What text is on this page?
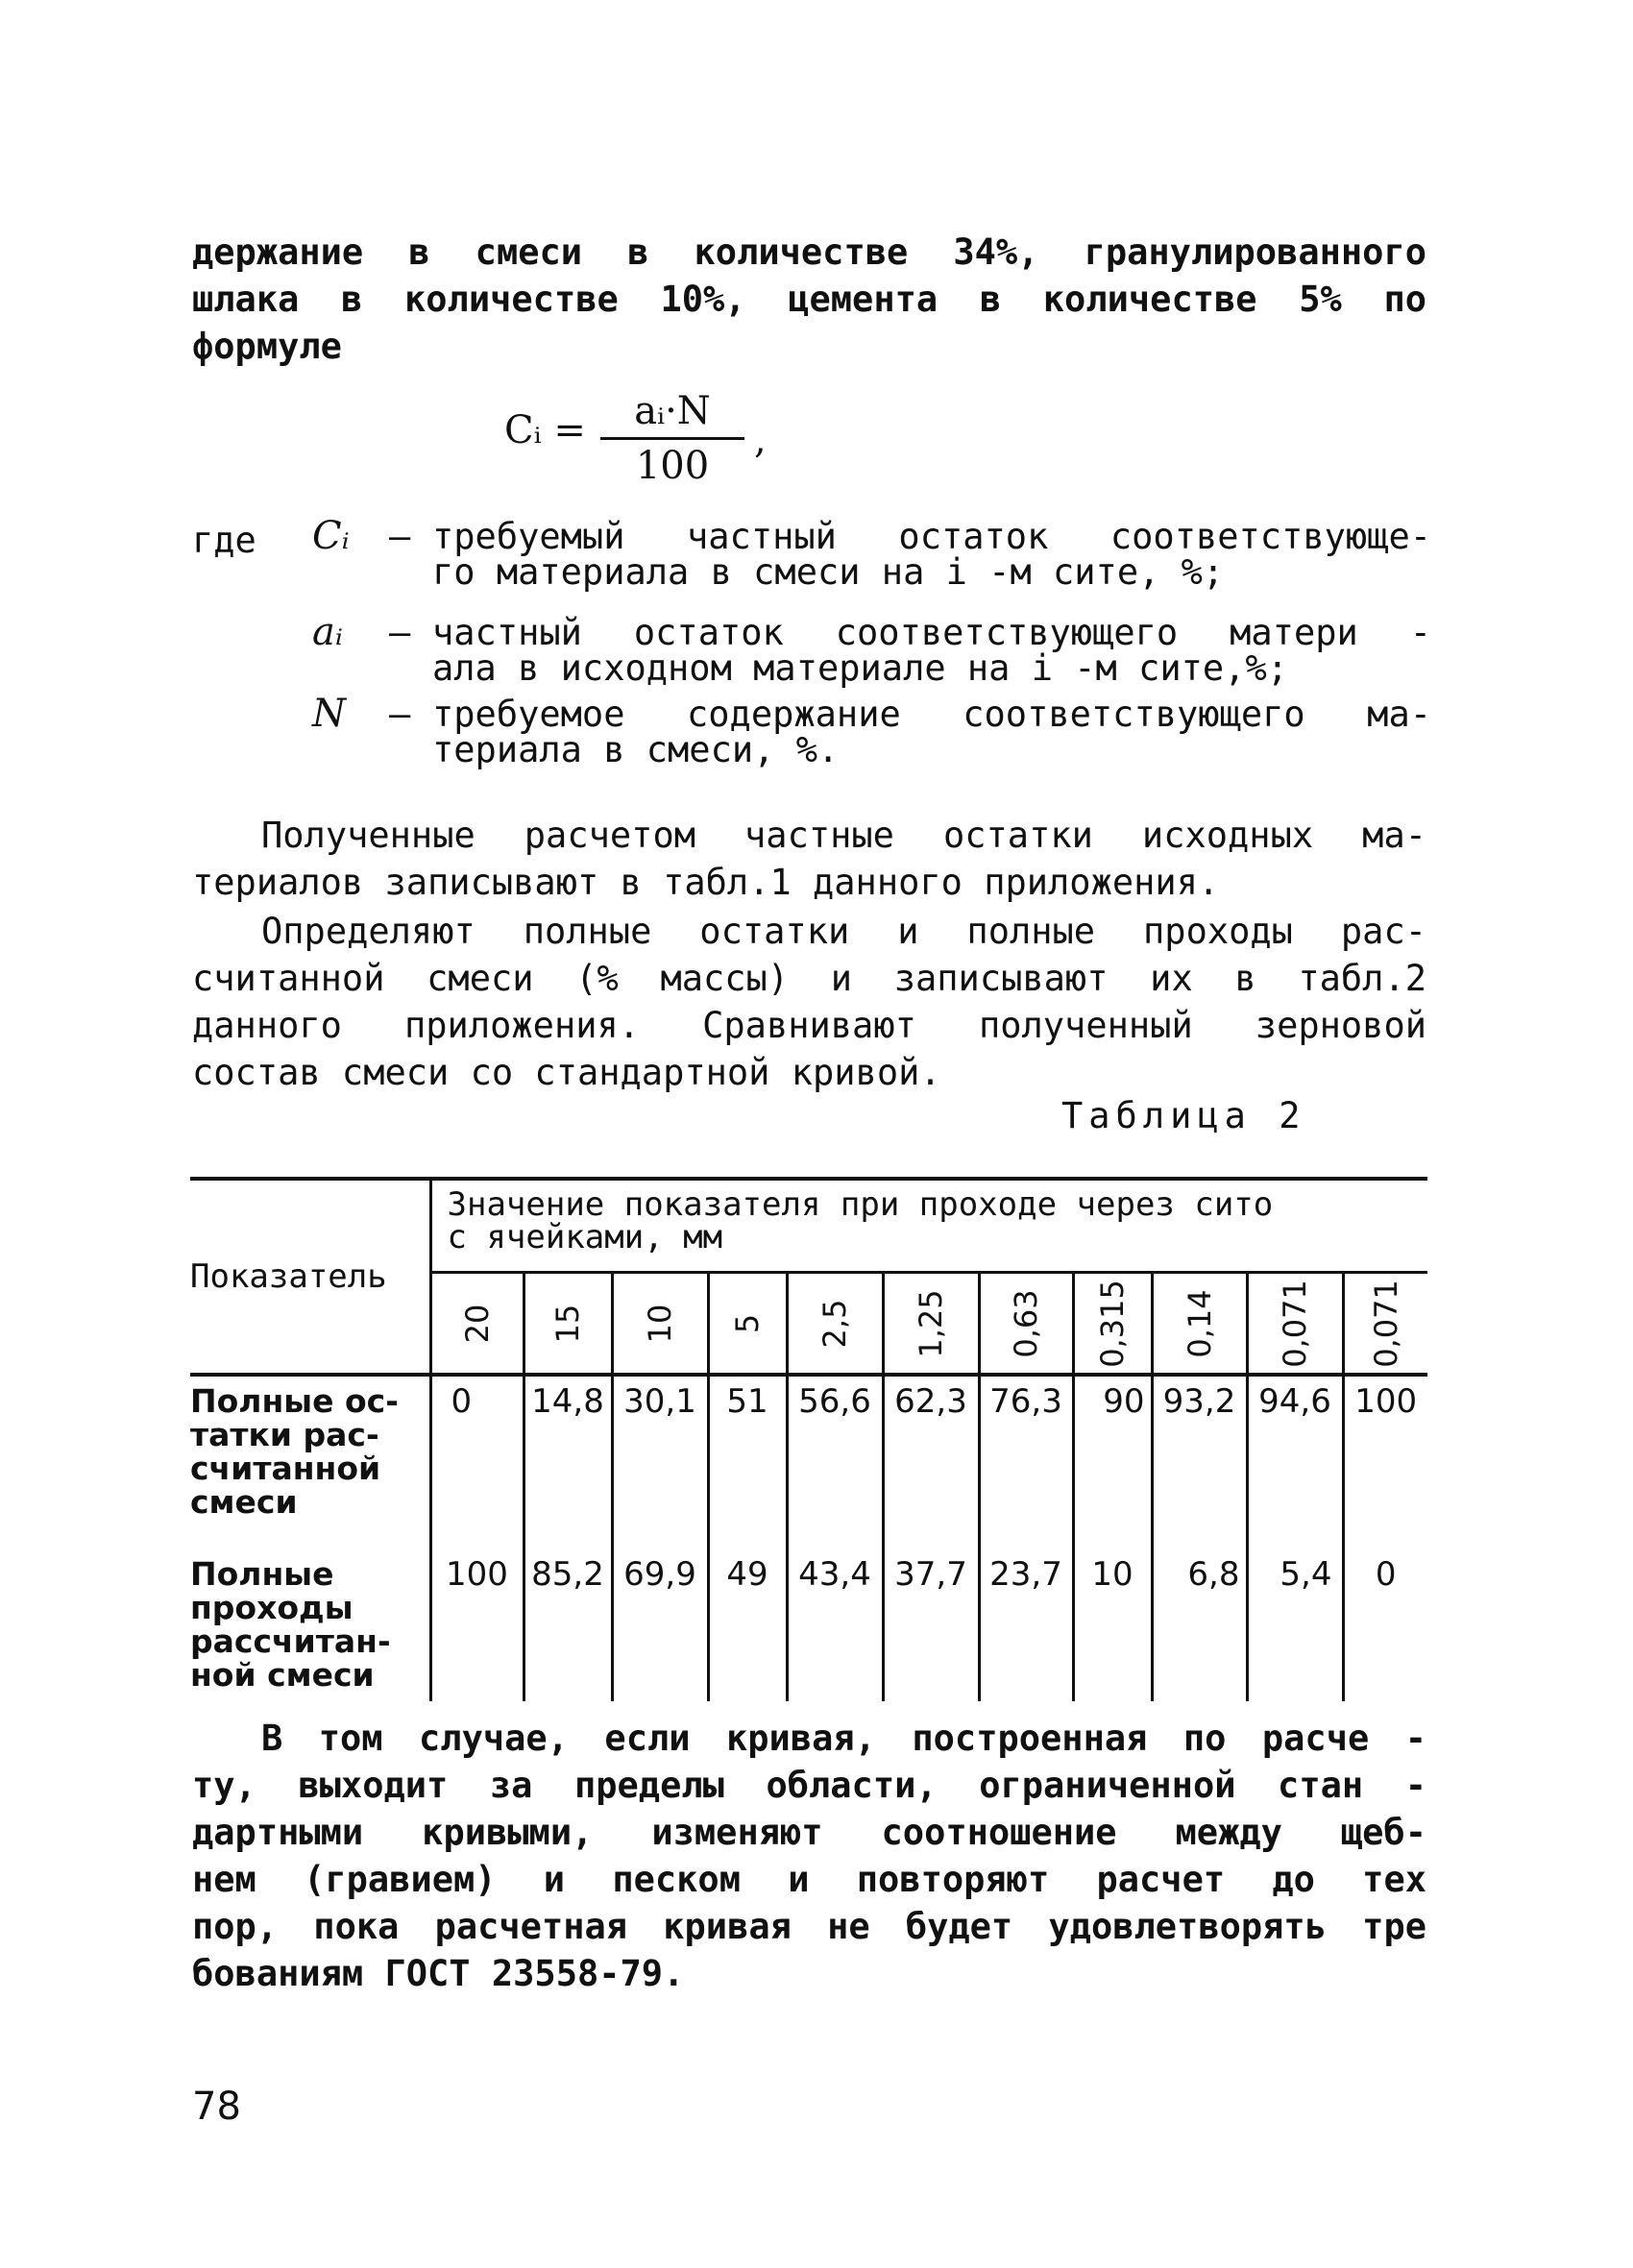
держание в смеси в количестве 34%, гранулированного
шлака в количестве 10%, цемента в количестве 5% по
формуле
Cᵢ = $\frac{\text{aᵢ·N}}{100}$ ,
где Cᵢ – требуемый частный остаток соответствующе-
го материала в смеси на i -м сите, %;
aᵢ – частный остаток соответствующего матери -
ала в исходном материале на i -м сите,%;
N – требуемое содержание соответствующего ма-
териала в смеси, %.
Полученные расчетом частные остатки исходных ма-
териалов записывают в табл.1 данного приложения.
Определяют полные остатки и полные проходы рас-
считанной смеси (% массы) и записывают их в табл.2
данного приложения. Сравнивают полученный зерновой
состав смеси со стандартной кривой.
Таблица 2
Показатель	Значение показателя при проходе через сито
с ячейками, мм										

	20	15	10	5	2,5	1,25	0,63	0,315	0,14	0,071	0,071

Полные ос-
татки рас-
считанной
смеси	0	14,8	30,1	51	56,6	62,3	76,3	90	93,2	94,6	100

Полные
проходы
рассчитан-
ной смеси	100	85,2	69,9	49	43,4	37,7	23,7	10	6,8	5,4	0
В том случае, если кривая, построенная по расче -
ту, выходит за пределы области, ограниченной стан -
дартными кривыми, изменяют соотношение между щеб-
нем (гравием) и песком и повторяют расчет до тех
пор, пока расчетная кривая не будет удовлетворять тре
бованиям ГОСТ 23558-79.
78
